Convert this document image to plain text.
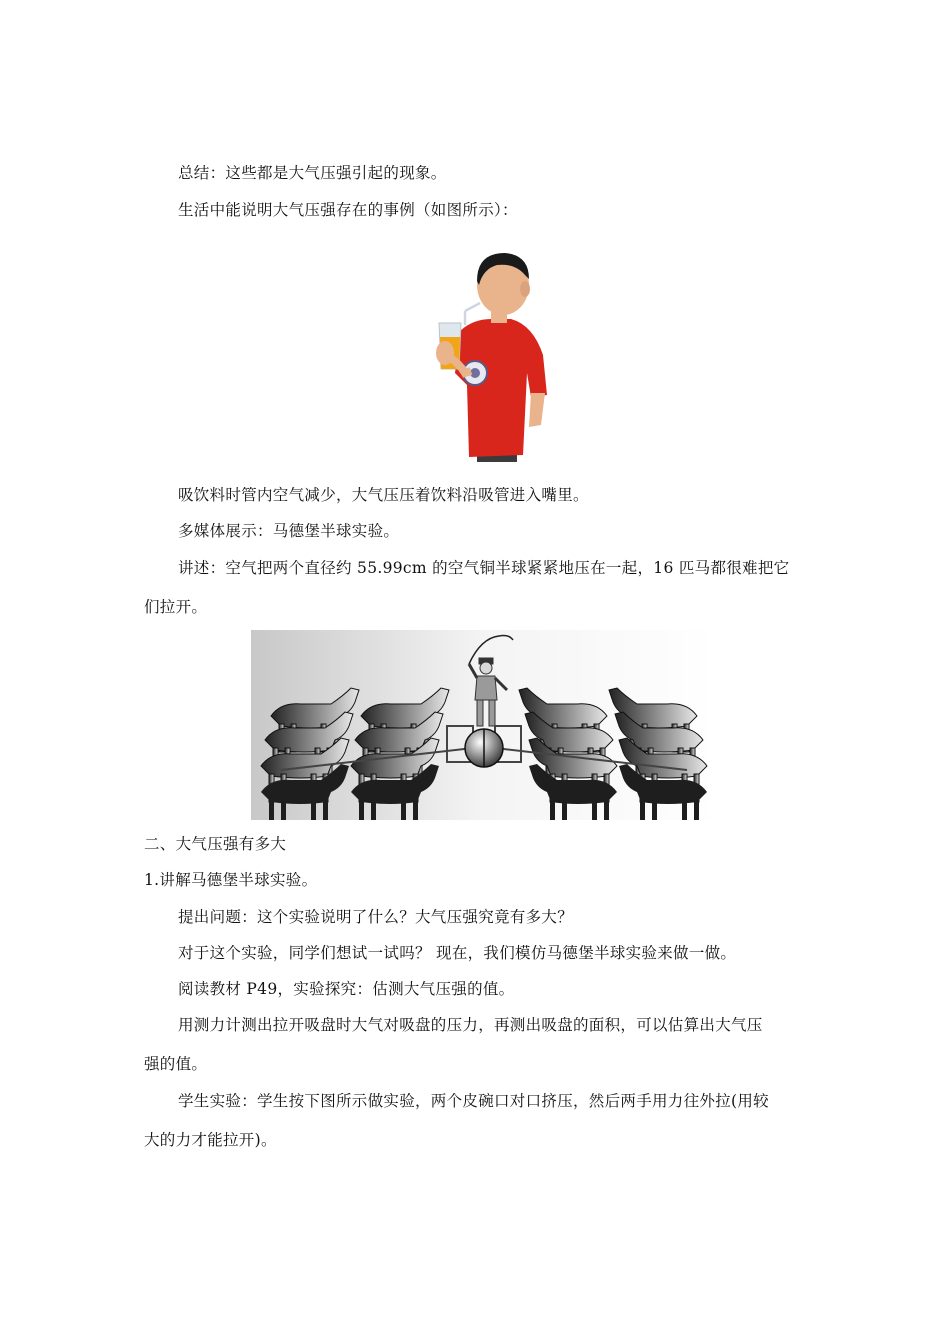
总结：这些都是大气压强引起的现象。
生活中能说明大气压强存在的事例（如图所示）：
吸饮料时管内空气减少，大气压压着饮料沿吸管进入嘴里。
多媒体展示：马德堡半球实验。
讲述：空气把两个直径约 55.99cm 的空气铜半球紧紧地压在一起，16 匹马都很难把它
们拉开。
二、大气压强有多大
1.讲解马德堡半球实验。
提出问题：这个实验说明了什么？大气压强究竟有多大？
对于这个实验，同学们想试一试吗？ 现在，我们模仿马德堡半球实验来做一做。
阅读教材 P49，实验探究：估测大气压强的值。
用测力计测出拉开吸盘时大气对吸盘的压力，再测出吸盘的面积，可以估算出大气压
强的值。
学生实验：学生按下图所示做实验，两个皮碗口对口挤压，然后两手用力往外拉(用较
大的力才能拉开)。
